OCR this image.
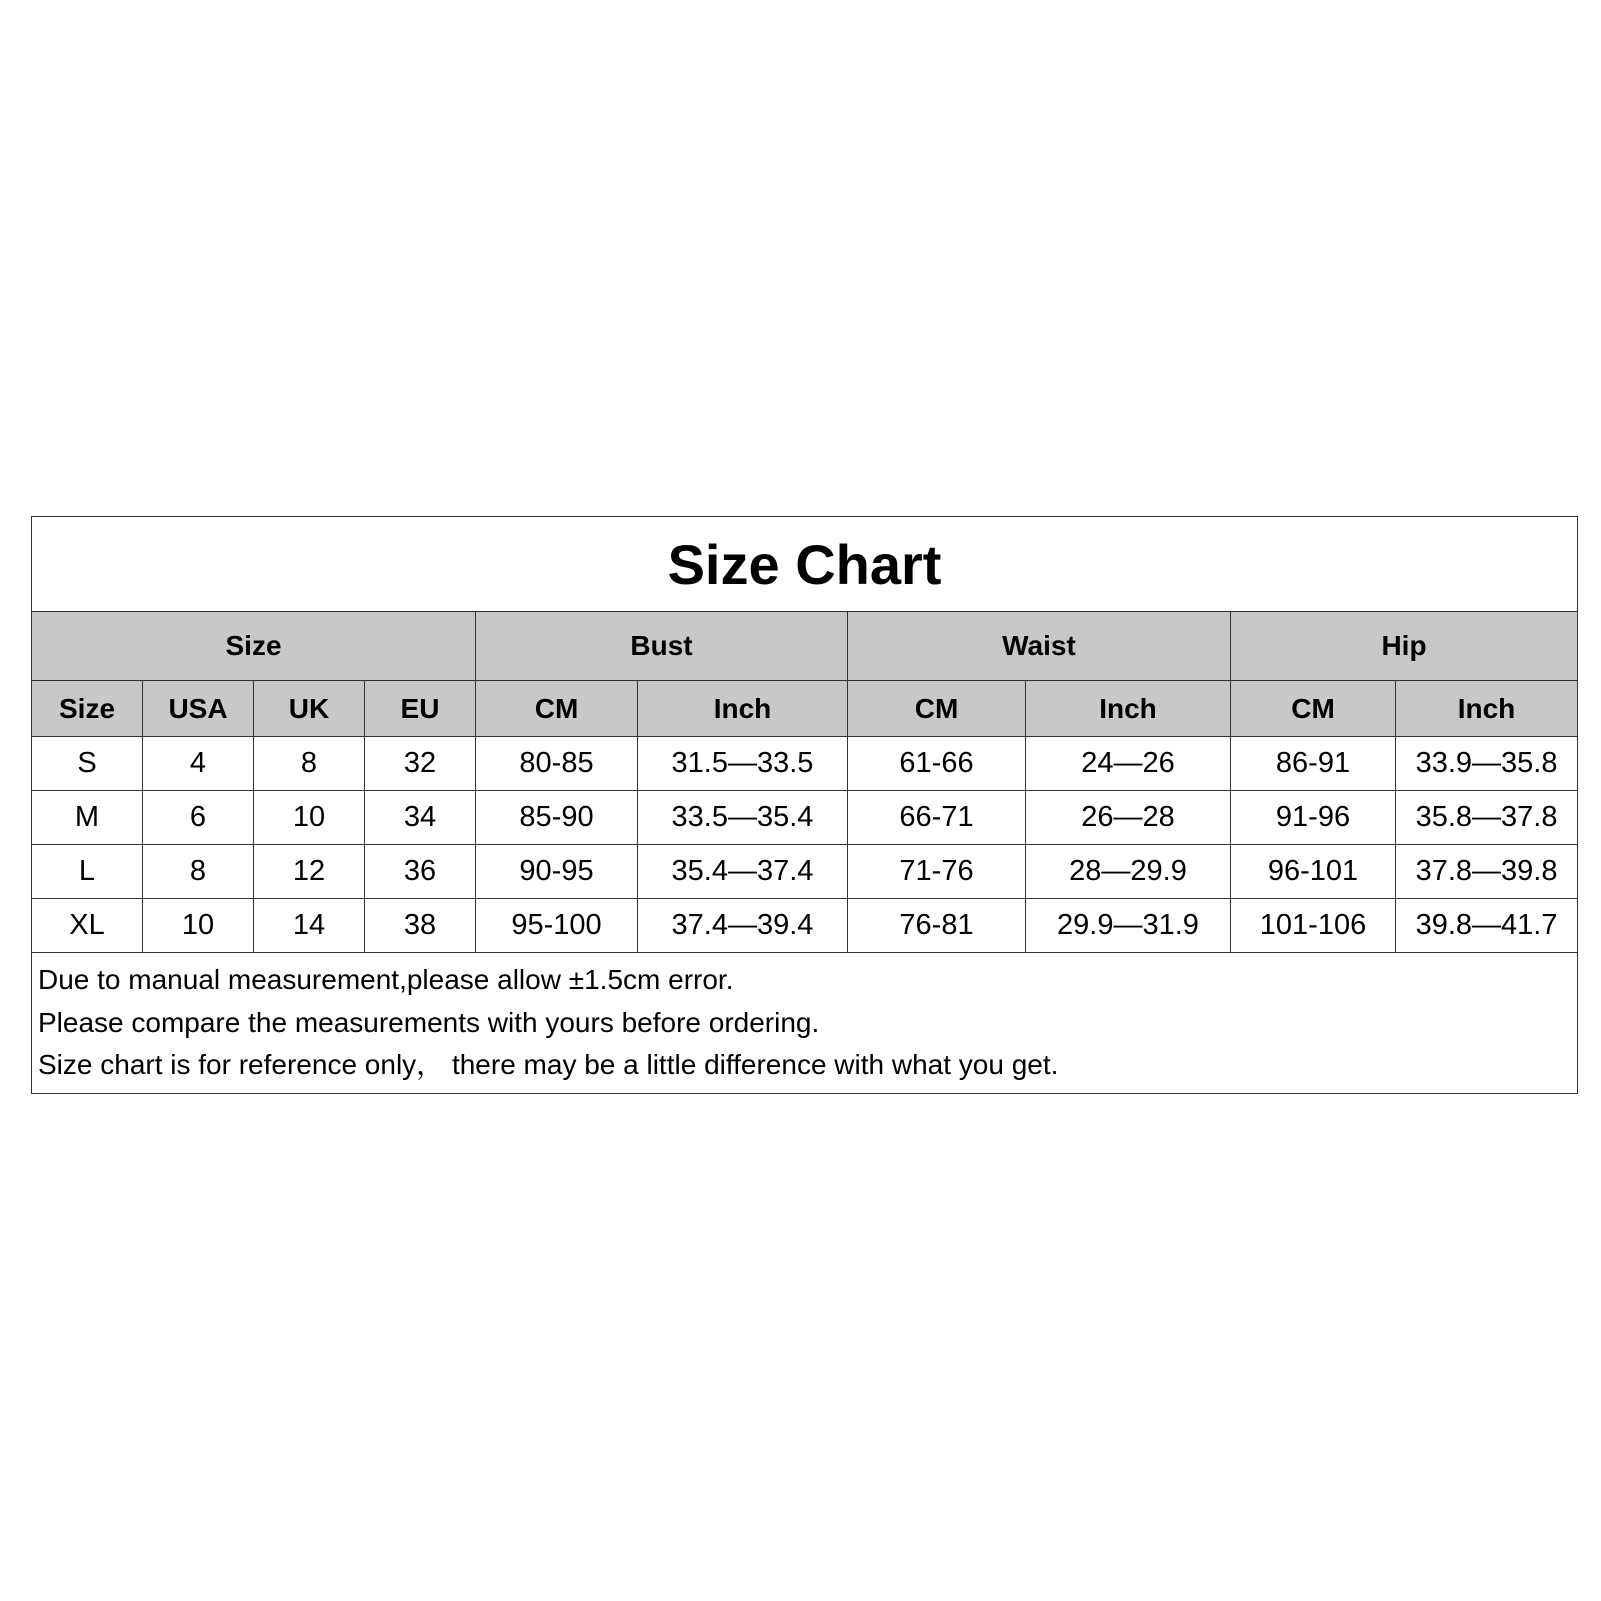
Size Chart									
Size				Bust		Waist		Hip	
Size	USA	UK	EU	CM	Inch	CM	Inch	CM	Inch
S	4	8	32	80-85	31.5—33.5	61-66	24—26	86-91	33.9—35.8
M	6	10	34	85-90	33.5—35.4	66-71	26—28	91-96	35.8—37.8
L	8	12	36	90-95	35.4—37.4	71-76	28—29.9	96-101	37.8—39.8
XL	10	14	38	95-100	37.4—39.4	76-81	29.9—31.9	101-106	39.8—41.7

Due to manual measurement,please allow ±1.5cm error.
Please compare the measurements with yours before ordering.
Size chart is for reference only， there may be a little difference with what you get.									
